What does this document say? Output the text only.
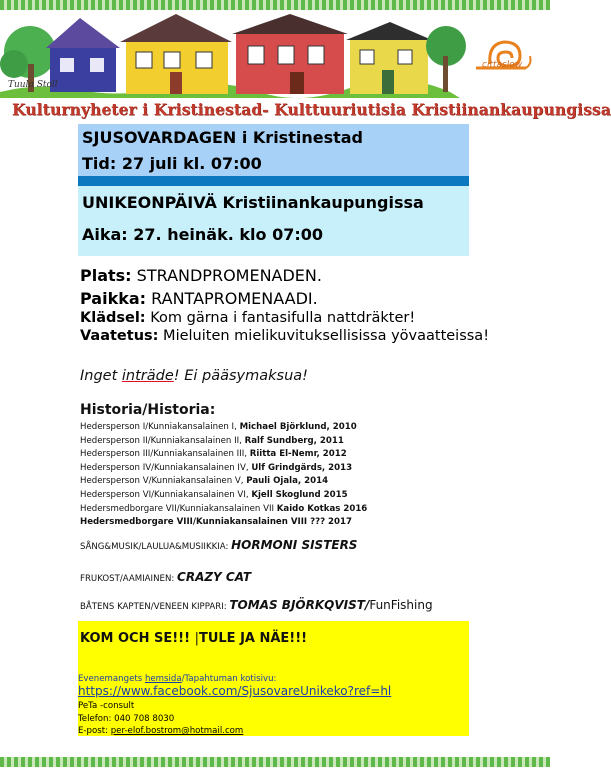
Tuula Stoll
cittaslow
Kulturnyheter i Kristinestad- Kulttuuriutisia Kristiinankaupungissa
SJUSOVARDAGEN i Kristinestad
Tid: 27 juli kl. 07:00
UNIKEONPÄIVÄ Kristiinankaupungissa
Aika: 27. heinäk. klo 07:00
Plats: STRANDPROMENADEN.
Paikka: RANTAPROMENAADI.
Klädsel: Kom gärna i fantasifulla nattdräkter!
Vaatetus: Mieluiten mielikuvituksellisissa yövaatteissa!
Inget inträde! Ei pääsymaksua!
Historia/Historia:
Hedersperson I/Kunniakansalainen I, Michael Björklund, 2010
Hedersperson II/Kunniakansalainen II, Ralf Sundberg, 2011
Hedersperson III/Kunniakansalainen III, Riitta El-Nemr, 2012
Hedersperson IV/Kunniakansalainen IV, Ulf Grindgärds, 2013
Hedersperson V/Kunniakansalainen V, Pauli Ojala, 2014
Hedersperson VI/Kunniakansalainen VI, Kjell Skoglund 2015
Hedersmedborgare VII/Kunniakansalainen VII Kaido Kotkas 2016
Hedersmedborgare VIII/Kunniakansalainen VIII ??? 2017
SÅNG&MUSIK/LAULUA&MUSIIKKIA: HORMONI SISTERS
FRUKOST/AAMIAINEN: CRAZY CAT
BÅTENS KAPTEN/VENEEN KIPPARI: TOMAS BJÖRKQVIST/FunFishing
KOM OCH SE!!! |TULE JA NÄE!!!
Evenemangets hemsida/Tapahtuman kotisivu:
https://www.facebook.com/SjusovareUnikeko?ref=hl
PeTa -consult
Telefon: 040 708 8030
E-post: per-elof.bostrom@hotmail.com
